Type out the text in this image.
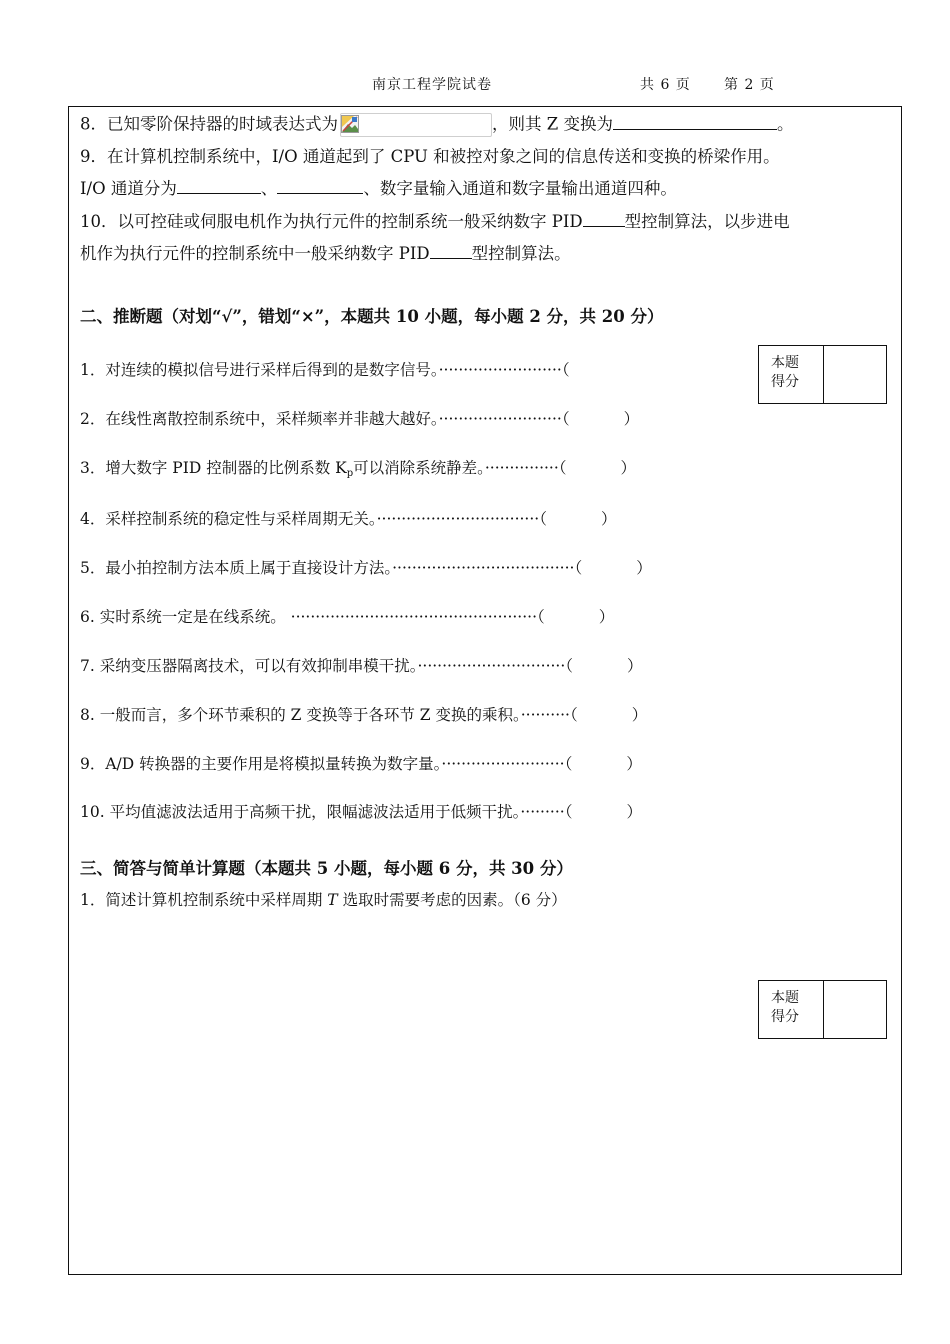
南京工程学院试卷	共 6 页 第 2 页
8．已知零阶保持器的时域表达式为	，则其 Z 变换为	。
9．在计算机控制系统中，I/O 通道起到了 CPU 和被控对象之间的信息传送和变换的桥梁作用。
I/O 通道分为	、	、数字量输入通道和数字量输出通道四种。
10．以可控硅或伺服电机作为执行元件的控制系统一般采纳数字 PID	型控制算法，以步进电
机作为执行元件的控制系统中一般采纳数字 PID	型控制算法。
二、推断题（对划“√”，错划“×”，本题共 10 小题，每小题 2 分，共 20 分）
本题
得分
1．对连续的模拟信号进行采样后得到的是数字信号。·························（
2．在线性离散控制系统中，采样频率并非越大越好。·························（	）
3．增大数字 PID 控制器的比例系数 $K_p$可以消除系统静差。···············（	）
4．采样控制系统的稳定性与采样周期无关。·································（	）
5．最小拍控制方法本质上属于直接设计方法。·····································（	）
6. 实时系统一定是在线系统。 ··················································（	）
7. 采纳变压器隔离技术，可以有效抑制串模干扰。······························（	）
8. 一般而言，多个环节乘积的 Z 变换等于各环节 Z 变换的乘积。··········（	）
9．A/D 转换器的主要作用是将模拟量转换为数字量。·························（	）
10. 平均值滤波法适用于高频干扰，限幅滤波法适用于低频干扰。·········（	）
三、简答与简单计算题（本题共 5 小题，每小题 6 分，共 30 分）
1．简述计算机控制系统中采样周期 T 选取时需要考虑的因素。（6 分）
本题
得分
